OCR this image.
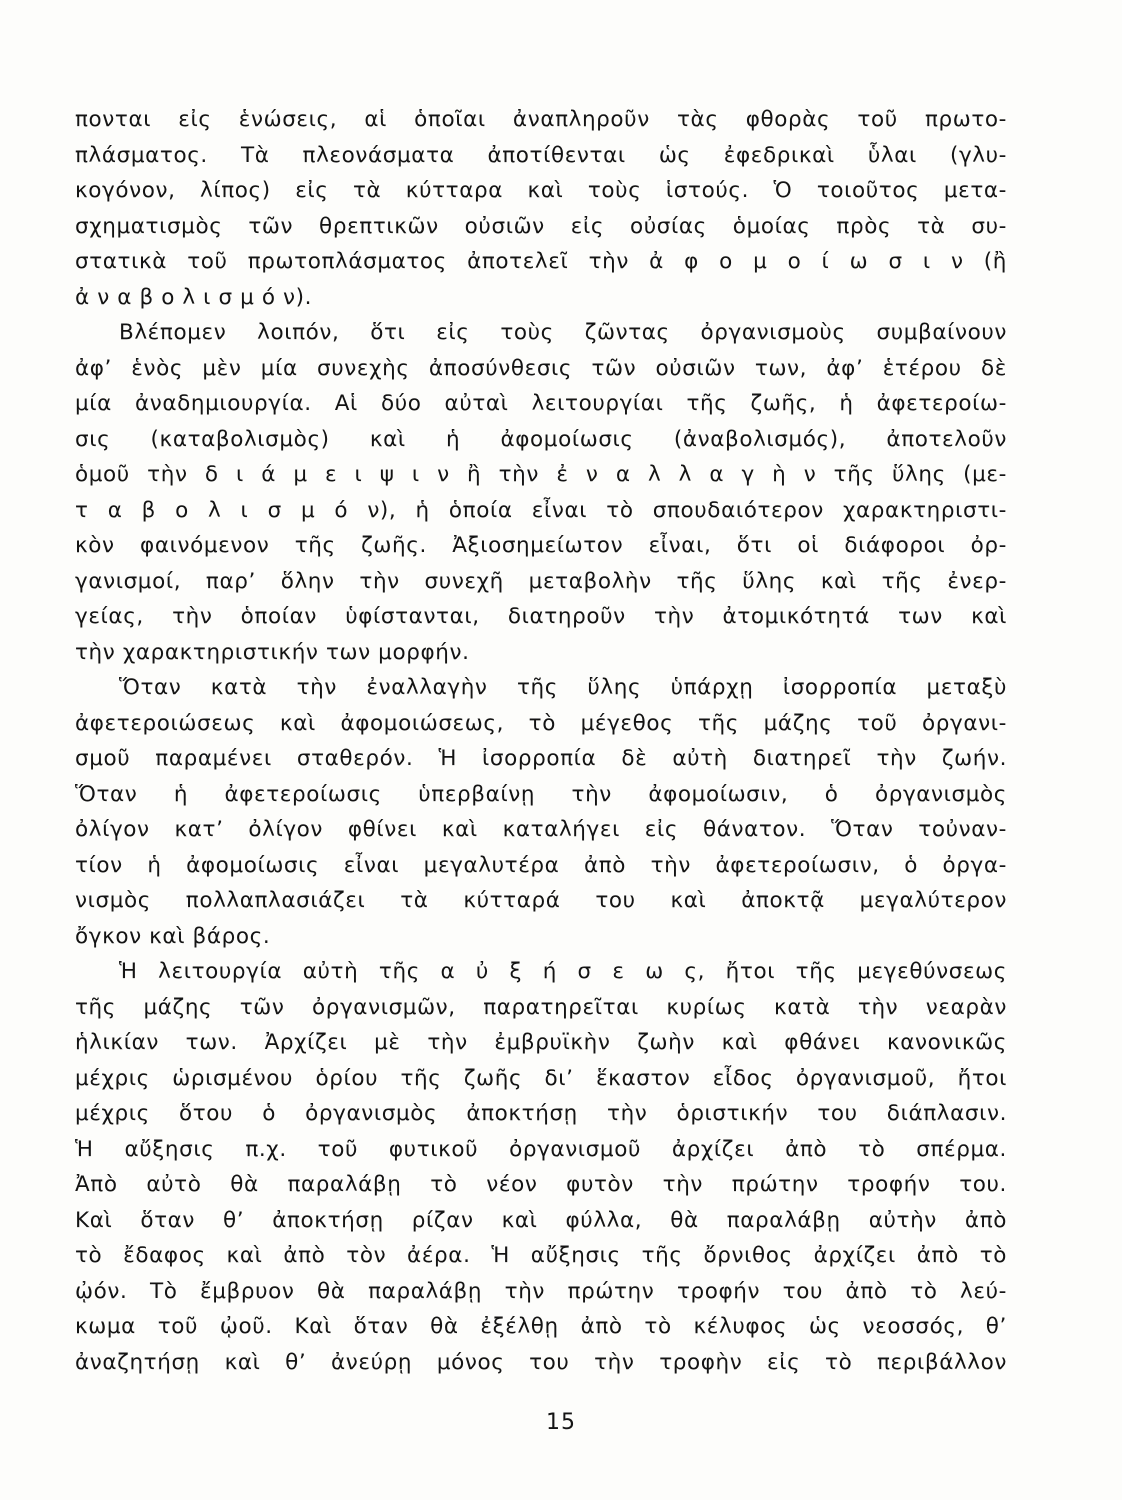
πονται εἰς ἑνώσεις, αἱ ὁποῖαι ἀναπληροῦν τὰς φθορὰς τοῦ πρωτο-
πλάσματος. Τὰ πλεονάσματα ἀποτίθενται ὡς ἐφεδρικαὶ ὗλαι (γλυ-
κογόνον, λίπος) εἰς τὰ κύτταρα καὶ τοὺς ἱστούς. Ὁ τοιοῦτος μετα-
σχηματισμὸς τῶν θρεπτικῶν οὐσιῶν εἰς οὐσίας ὁμοίας πρὸς τὰ συ-
στατικὰ τοῦ πρωτοπλάσματος ἀποτελεῖ τὴν ἀ φ ο μ ο ί ω σ ι ν (ἢ
ἀ ν α β ο λ ι σ μ ό ν).
Βλέπομεν λοιπόν, ὅτι εἰς τοὺς ζῶντας ὀργανισμοὺς συμβαίνουν
ἀφ’ ἑνὸς μὲν μία συνεχὴς ἀποσύνθεσις τῶν οὐσιῶν των, ἀφ’ ἑτέρου δὲ
μία ἀναδημιουργία. Αἱ δύο αὐταὶ λειτουργίαι τῆς ζωῆς, ἡ ἀφετεροίω-
σις (καταβολισμὸς) καὶ ἡ ἀφομοίωσις (ἀναβολισμός), ἀποτελοῦν
ὁμοῦ τὴν δ ι ά μ ε ι ψ ι ν ἢ τὴν ἐ ν α λ λ α γ ὴ ν τῆς ὕλης (με-
τ α β ο λ ι σ μ ό ν), ἡ ὁποία εἶναι τὸ σπουδαιότερον χαρακτηριστι-
κὸν φαινόμενον τῆς ζωῆς. Ἀξιοσημείωτον εἶναι, ὅτι οἱ διάφοροι ὀρ-
γανισμοί, παρ’ ὅλην τὴν συνεχῆ μεταβολὴν τῆς ὕλης καὶ τῆς ἐνερ-
γείας, τὴν ὁποίαν ὑφίστανται, διατηροῦν τὴν ἀτομικότητά των καὶ
τὴν χαρακτηριστικήν των μορφήν.
Ὅταν κατὰ τὴν ἐναλλαγὴν τῆς ὕλης ὑπάρχῃ ἰσορροπία μεταξὺ
ἀφετεροιώσεως καὶ ἀφομοιώσεως, τὸ μέγεθος τῆς μάζης τοῦ ὀργανι-
σμοῦ παραμένει σταθερόν. Ἡ ἰσορροπία δὲ αὐτὴ διατηρεῖ τὴν ζωήν.
Ὅταν ἡ ἀφετεροίωσις ὑπερβαίνῃ τὴν ἀφομοίωσιν, ὁ ὀργανισμὸς
ὀλίγον κατ’ ὀλίγον φθίνει καὶ καταλήγει εἰς θάνατον. Ὅταν τοὐναν-
τίον ἡ ἀφομοίωσις εἶναι μεγαλυτέρα ἀπὸ τὴν ἀφετεροίωσιν, ὁ ὀργα-
νισμὸς πολλαπλασιάζει τὰ κύτταρά του καὶ ἀποκτᾷ μεγαλύτερον
ὄγκον καὶ βάρος.
Ἡ λειτουργία αὐτὴ τῆς α ὐ ξ ή σ ε ω ς, ἤτοι τῆς μεγεθύνσεως
τῆς μάζης τῶν ὀργανισμῶν, παρατηρεῖται κυρίως κατὰ τὴν νεαρὰν
ἡλικίαν των. Ἀρχίζει μὲ τὴν ἐμβρυϊκὴν ζωὴν καὶ φθάνει κανονικῶς
μέχρις ὡρισμένου ὁρίου τῆς ζωῆς δι’ ἕκαστον εἶδος ὀργανισμοῦ, ἤτοι
μέχρις ὅτου ὁ ὀργανισμὸς ἀποκτήσῃ τὴν ὁριστικήν του διάπλασιν.
Ἡ αὔξησις π.χ. τοῦ φυτικοῦ ὀργανισμοῦ ἀρχίζει ἀπὸ τὸ σπέρμα.
Ἀπὸ αὐτὸ θὰ παραλάβῃ τὸ νέον φυτὸν τὴν πρώτην τροφήν του.
Καὶ ὅταν θ’ ἀποκτήσῃ ρίζαν καὶ φύλλα, θὰ παραλάβῃ αὐτὴν ἀπὸ
τὸ ἔδαφος καὶ ἀπὸ τὸν ἀέρα. Ἡ αὔξησις τῆς ὄρνιθος ἀρχίζει ἀπὸ τὸ
ᾠόν. Τὸ ἔμβρυον θὰ παραλάβῃ τὴν πρώτην τροφήν του ἀπὸ τὸ λεύ-
κωμα τοῦ ᾠοῦ. Καὶ ὅταν θὰ ἐξέλθῃ ἀπὸ τὸ κέλυφος ὡς νεοσσός, θ’
ἀναζητήσῃ καὶ θ’ ἀνεύρῃ μόνος του τὴν τροφὴν εἰς τὸ περιβάλλον
15
